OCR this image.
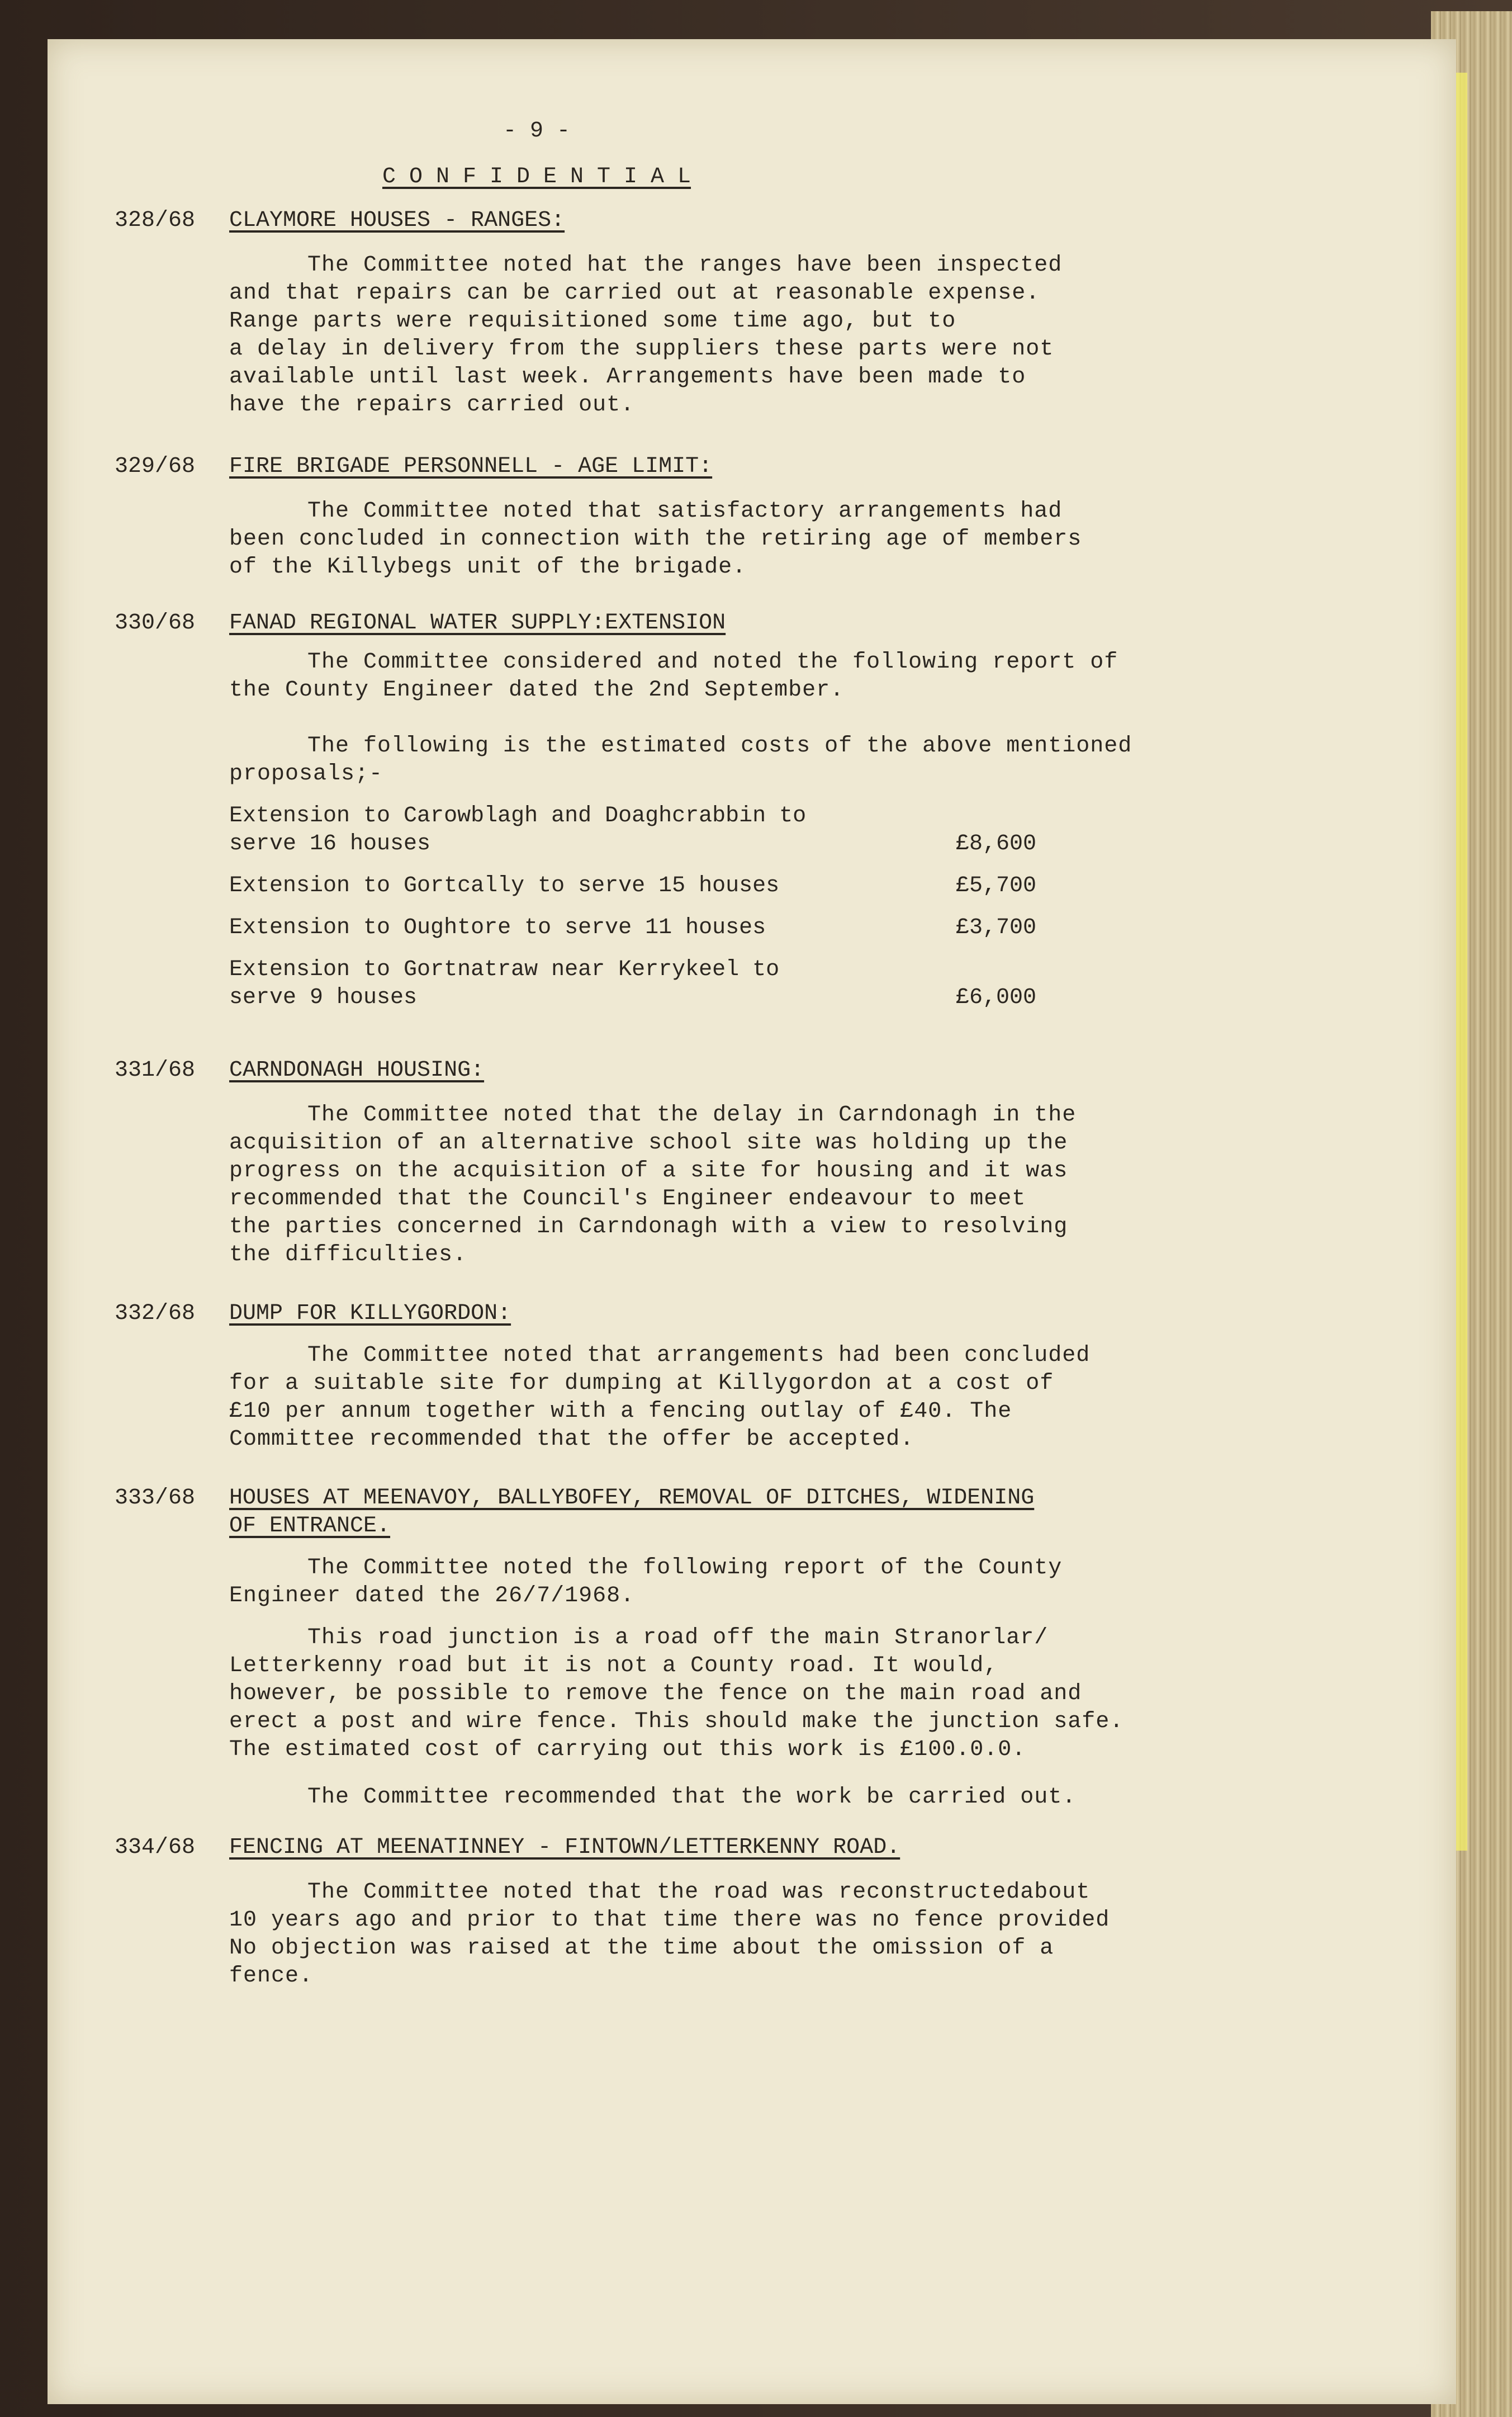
- 9 -
C O N F I D E N T I A L
328/68 CLAYMORE HOUSES - RANGES:
The Committee noted hat the ranges have been inspected
and that repairs can be carried out at reasonable expense.
Range parts were requisitioned some time ago, but to
a delay in delivery from the suppliers these parts were not
available until last week. Arrangements have been made to
have the repairs carried out.
329/68 FIRE BRIGADE PERSONNELL - AGE LIMIT:
The Committee noted that satisfactory arrangements had
been concluded in connection with the retiring age of members
of the Killybegs unit of the brigade.
330/68 FANAD REGIONAL WATER SUPPLY:EXTENSION
The Committee considered and noted the following report of
the County Engineer dated the 2nd September.
The following is the estimated costs of the above mentioned
proposals;-
Extension to Carowblagh and Doaghcrabbin to
serve 16 houses	£8,600
Extension to Gortcally to serve 15 houses	£5,700
Extension to Oughtore to serve 11 houses	£3,700
Extension to Gortnatraw near Kerrykeel to
serve 9 houses	£6,000
331/68 CARNDONAGH HOUSING:
The Committee noted that the delay in Carndonagh in the
acquisition of an alternative school site was holding up the
progress on the acquisition of a site for housing and it was
recommended that the Council's Engineer endeavour to meet
the parties concerned in Carndonagh with a view to resolving
the difficulties.
332/68 DUMP FOR KILLYGORDON:
The Committee noted that arrangements had been concluded
for a suitable site for dumping at Killygordon at a cost of
£10 per annum together with a fencing outlay of £40. The
Committee recommended that the offer be accepted.
333/68 HOUSES AT MEENAVOY, BALLYBOFEY, REMOVAL OF DITCHES, WIDENING
OF ENTRANCE.
The Committee noted the following report of the County
Engineer dated the 26/7/1968.
This road junction is a road off the main Stranorlar/
Letterkenny road but it is not a County road. It would,
however, be possible to remove the fence on the main road and
erect a post and wire fence. This should make the junction safe.
The estimated cost of carrying out this work is £100.0.0.
The Committee recommended that the work be carried out.
334/68 FENCING AT MEENATINNEY - FINTOWN/LETTERKENNY ROAD.
The Committee noted that the road was reconstructedabout
10 years ago and prior to that time there was no fence provided
No objection was raised at the time about the omission of a
fence.
